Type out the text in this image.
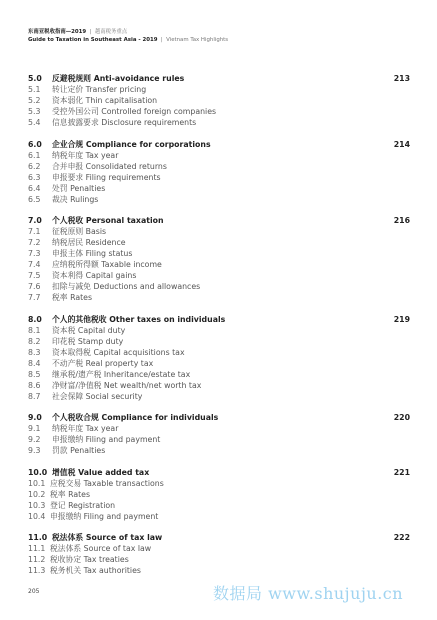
东南亚税收指南—2019  |  越南税务重点
Guide to Taxation in Southeast Asia - 2019  |  Vietnam Tax Highlights
5.0 反避税规则 Anti-avoidance rules	213
5.1 转让定价 Transfer pricing
5.2 资本弱化 Thin capitalisation
5.3 受控外国公司 Controlled foreign companies
5.4 信息披露要求 Disclosure requirements
6.0 企业合规 Compliance for corporations	214
6.1 纳税年度 Tax year
6.2 合并申报 Consolidated returns
6.3 申报要求 Filing requirements
6.4 处罚 Penalties
6.5 裁决 Rulings
7.0 个人税收 Personal taxation	216
7.1 征税原则 Basis
7.2 纳税居民 Residence
7.3 申报主体 Filing status
7.4 应纳税所得额 Taxable income
7.5 资本利得 Capital gains
7.6 扣除与减免 Deductions and allowances
7.7 税率 Rates
8.0 个人的其他税收 Other taxes on individuals	219
8.1 资本税 Capital duty
8.2 印花税 Stamp duty
8.3 资本取得税 Capital acquisitions tax
8.4 不动产税 Real property tax
8.5 继承税/遗产税 Inheritance/estate tax
8.6 净财富/净值税 Net wealth/net worth tax
8.7 社会保障 Social security
9.0 个人税收合规 Compliance for individuals	220
9.1 纳税年度 Tax year
9.2 申报缴纳 Filing and payment
9.3 罚款 Penalties
10.0 增值税 Value added tax	221
10.1 应税交易 Taxable transactions
10.2 税率 Rates
10.3 登记 Registration
10.4 申报缴纳 Filing and payment
11.0 税法体系 Source of tax law	222
11.1 税法体系 Source of tax law
11.2 税收协定 Tax treaties
11.3 税务机关 Tax authorities
205	数据局 www.shujuju.cn
